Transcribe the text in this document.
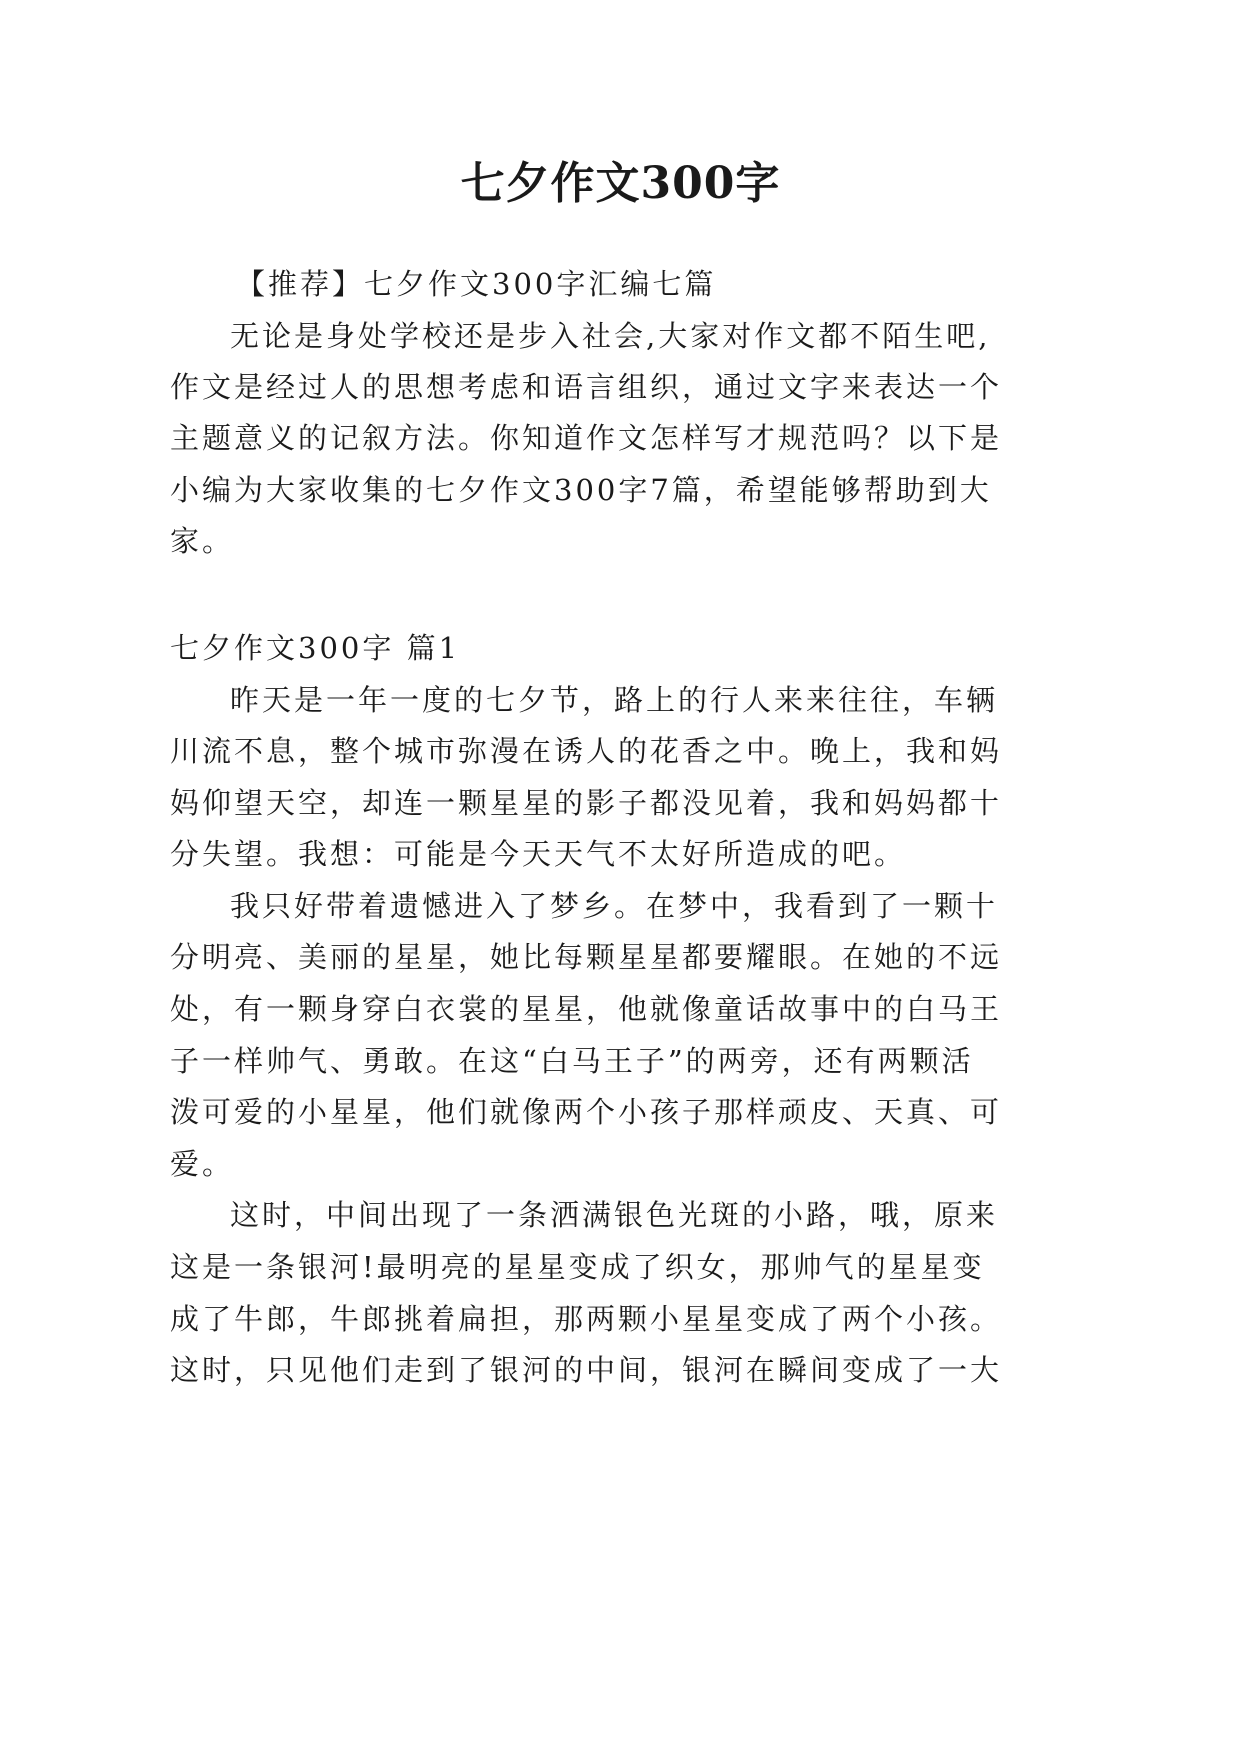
七夕作文300字

【推荐】七夕作文300字汇编七篇

无论是身处学校还是步入社会,大家对作文都不陌生吧,

作文是经过人的思想考虑和语言组织，通过文字来表达一个

主题意义的记叙方法。你知道作文怎样写才规范吗？以下是

小编为大家收集的七夕作文300字7篇，希望能够帮助到大

家。

七夕作文300字 篇1

昨天是一年一度的七夕节，路上的行人来来往往，车辆

川流不息，整个城市弥漫在诱人的花香之中。晚上，我和妈

妈仰望天空，却连一颗星星的影子都没见着，我和妈妈都十

分失望。我想：可能是今天天气不太好所造成的吧。

我只好带着遗憾进入了梦乡。在梦中，我看到了一颗十

分明亮、美丽的星星，她比每颗星星都要耀眼。在她的不远

处，有一颗身穿白衣裳的星星，他就像童话故事中的白马王

子一样帅气、勇敢。在这“白马王子”的两旁，还有两颗活

泼可爱的小星星，他们就像两个小孩子那样顽皮、天真、可

爱。

这时，中间出现了一条洒满银色光斑的小路，哦，原来

这是一条银河!最明亮的星星变成了织女，那帅气的星星变

成了牛郎，牛郎挑着扁担，那两颗小星星变成了两个小孩。

这时，只见他们走到了银河的中间，银河在瞬间变成了一大
